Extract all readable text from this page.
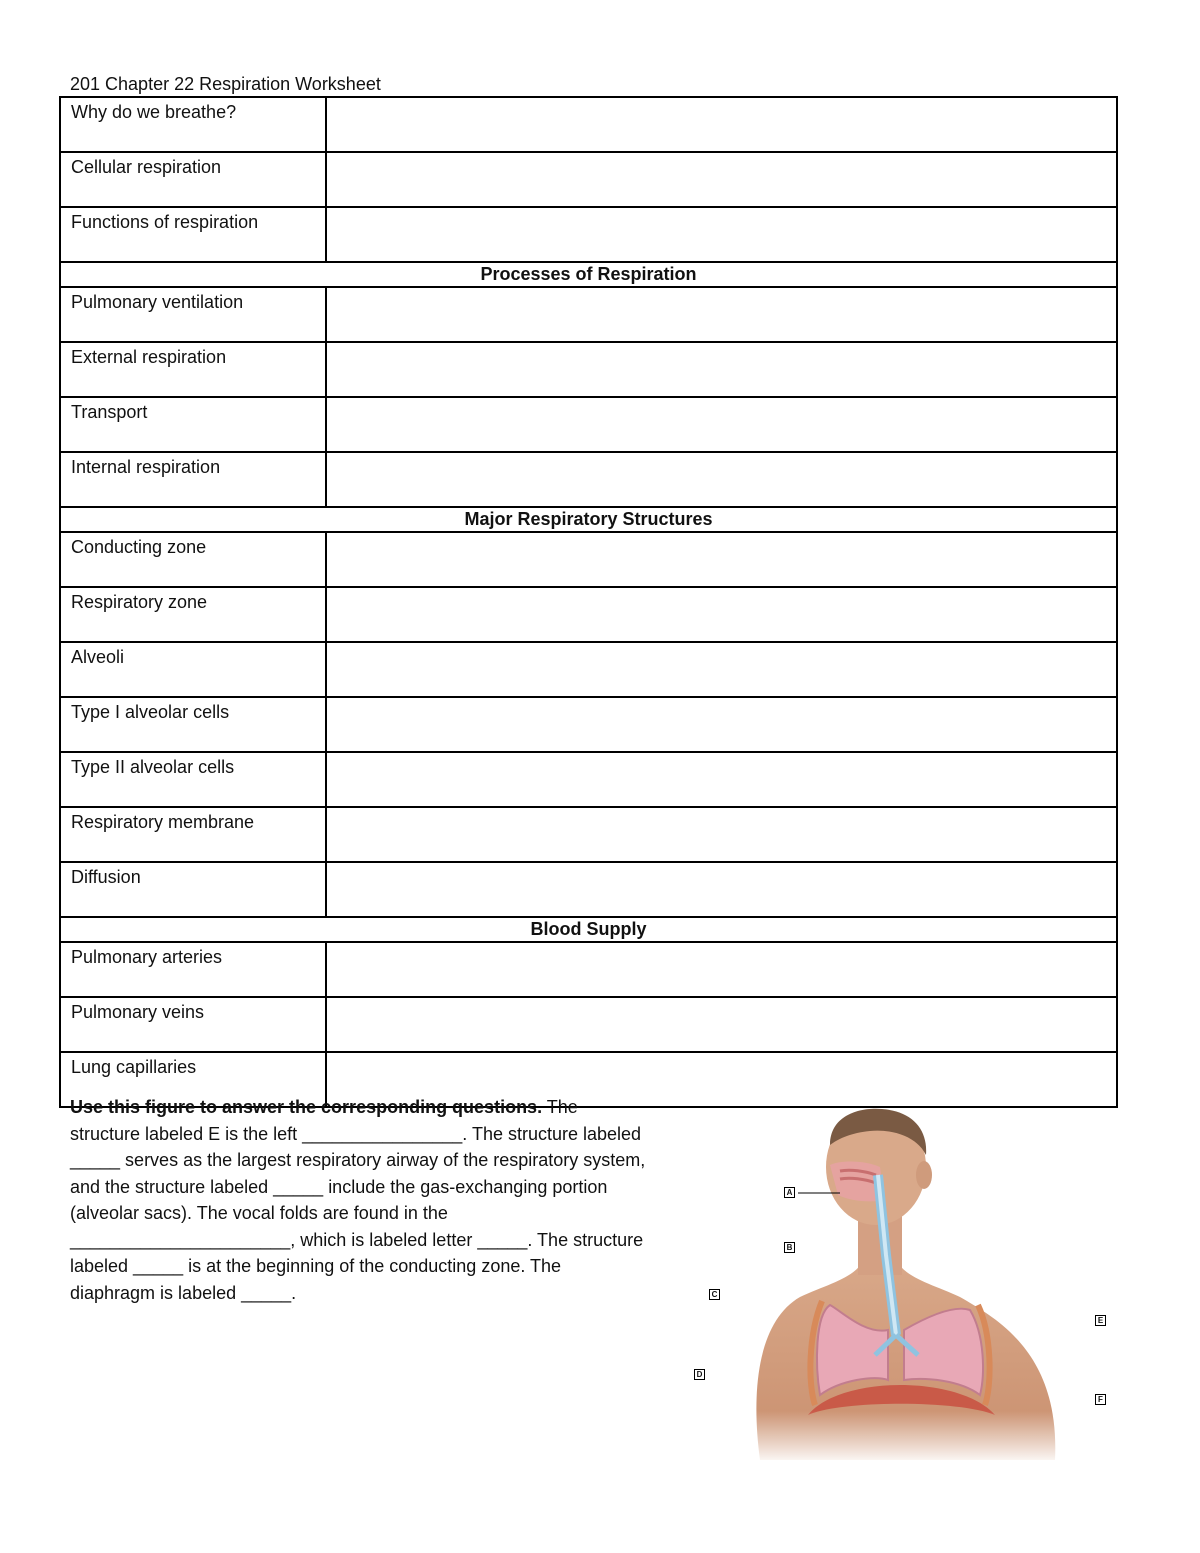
201 Chapter 22 Respiration Worksheet
Why do we breathe?	
Cellular respiration	
Functions of respiration	
Processes of Respiration	
Pulmonary ventilation	
External respiration	
Transport	
Internal respiration	
Major Respiratory Structures	
Conducting zone	
Respiratory zone	
Alveoli	
Type I alveolar cells	
Type II alveolar cells	
Respiratory membrane	
Diffusion	
Blood Supply	
Pulmonary arteries	
Pulmonary veins	
Lung capillaries	
Use this figure to answer the corresponding questions. The structure labeled E is the left ________________. The structure labeled _____ serves as the largest respiratory airway of the respiratory system, and the structure labeled _____ include the gas-exchanging portion (alveolar sacs). The vocal folds are found in the ______________________, which is labeled letter _____. The structure labeled _____ is at the beginning of the conducting zone. The diaphragm is labeled _____.
A
B
C
D
E
F
